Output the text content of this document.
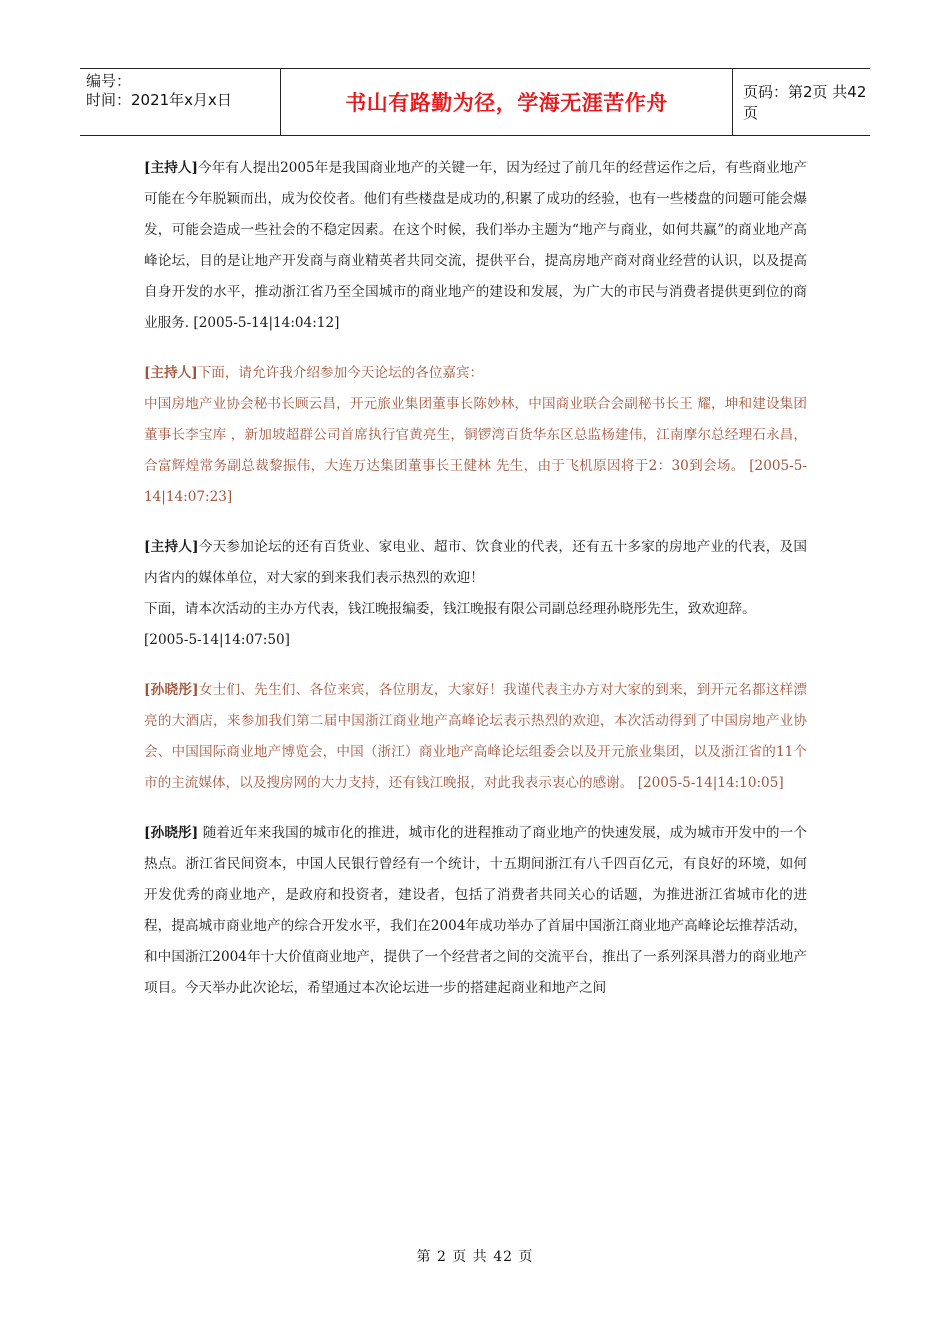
编号：
时间：2021年x月x日	书山有路勤为径，学海无涯苦作舟	页码：第2页 共42页

[主持人]今年有人提出2005年是我国商业地产的关键一年，因为经过了前几年的经营运作之后，有些商业地产可能在今年脱颖而出，成为佼佼者。他们有些楼盘是成功的,积累了成功的经验，也有一些楼盘的问题可能会爆发，可能会造成一些社会的不稳定因素。在这个时候，我们举办主题为“地产与商业，如何共赢”的商业地产高峰论坛，目的是让地产开发商与商业精英者共同交流，提供平台，提高房地产商对商业经营的认识，以及提高自身开发的水平，推动浙江省乃至全国城市的商业地产的建设和发展，为广大的市民与消费者提供更到位的商业服务. [2005-5-14|14:04:12]

[主持人]下面，请允许我介绍参加今天论坛的各位嘉宾：

中国房地产业协会秘书长顾云昌，开元旅业集团董事长陈妙林，中国商业联合会副秘书长王 耀，坤和建设集团董事长李宝库 ，新加坡超群公司首席执行官黄亮生，铜锣湾百货华东区总监杨建伟，江南摩尔总经理石永昌，合富辉煌常务副总裁黎振伟，大连万达集团董事长王健林 先生，由于飞机原因将于2：30到会场。 [2005-5-14|14:07:23]

[主持人]今天参加论坛的还有百货业、家电业、超市、饮食业的代表，还有五十多家的房地产业的代表，及国内省内的媒体单位，对大家的到来我们表示热烈的欢迎！

下面，请本次活动的主办方代表，钱江晚报编委，钱江晚报有限公司副总经理孙晓彤先生，致欢迎辞。

[2005-5-14|14:07:50]

[孙晓彤]女士们、先生们、各位来宾，各位朋友，大家好！我谨代表主办方对大家的到来，到开元名都这样漂亮的大酒店，来参加我们第二届中国浙江商业地产高峰论坛表示热烈的欢迎，本次活动得到了中国房地产业协会、中国国际商业地产博览会，中国（浙江）商业地产高峰论坛组委会以及开元旅业集团，以及浙江省的11个市的主流媒体，以及搜房网的大力支持，还有钱江晚报，对此我表示衷心的感谢。 [2005-5-14|14:10:05]

[孙晓彤] 随着近年来我国的城市化的推进，城市化的进程推动了商业地产的快速发展，成为城市开发中的一个热点。浙江省民间资本，中国人民银行曾经有一个统计，十五期间浙江有八千四百亿元，有良好的环境，如何开发优秀的商业地产，是政府和投资者，建设者，包括了消费者共同关心的话题，为推进浙江省城市化的进程，提高城市商业地产的综合开发水平，我们在2004年成功举办了首届中国浙江商业地产高峰论坛推荐活动，和中国浙江2004年十大价值商业地产，提供了一个经营者之间的交流平台，推出了一系列深具潜力的商业地产项目。今天举办此次论坛，希望通过本次论坛进一步的搭建起商业和地产之间

第 2 页 共 42 页
